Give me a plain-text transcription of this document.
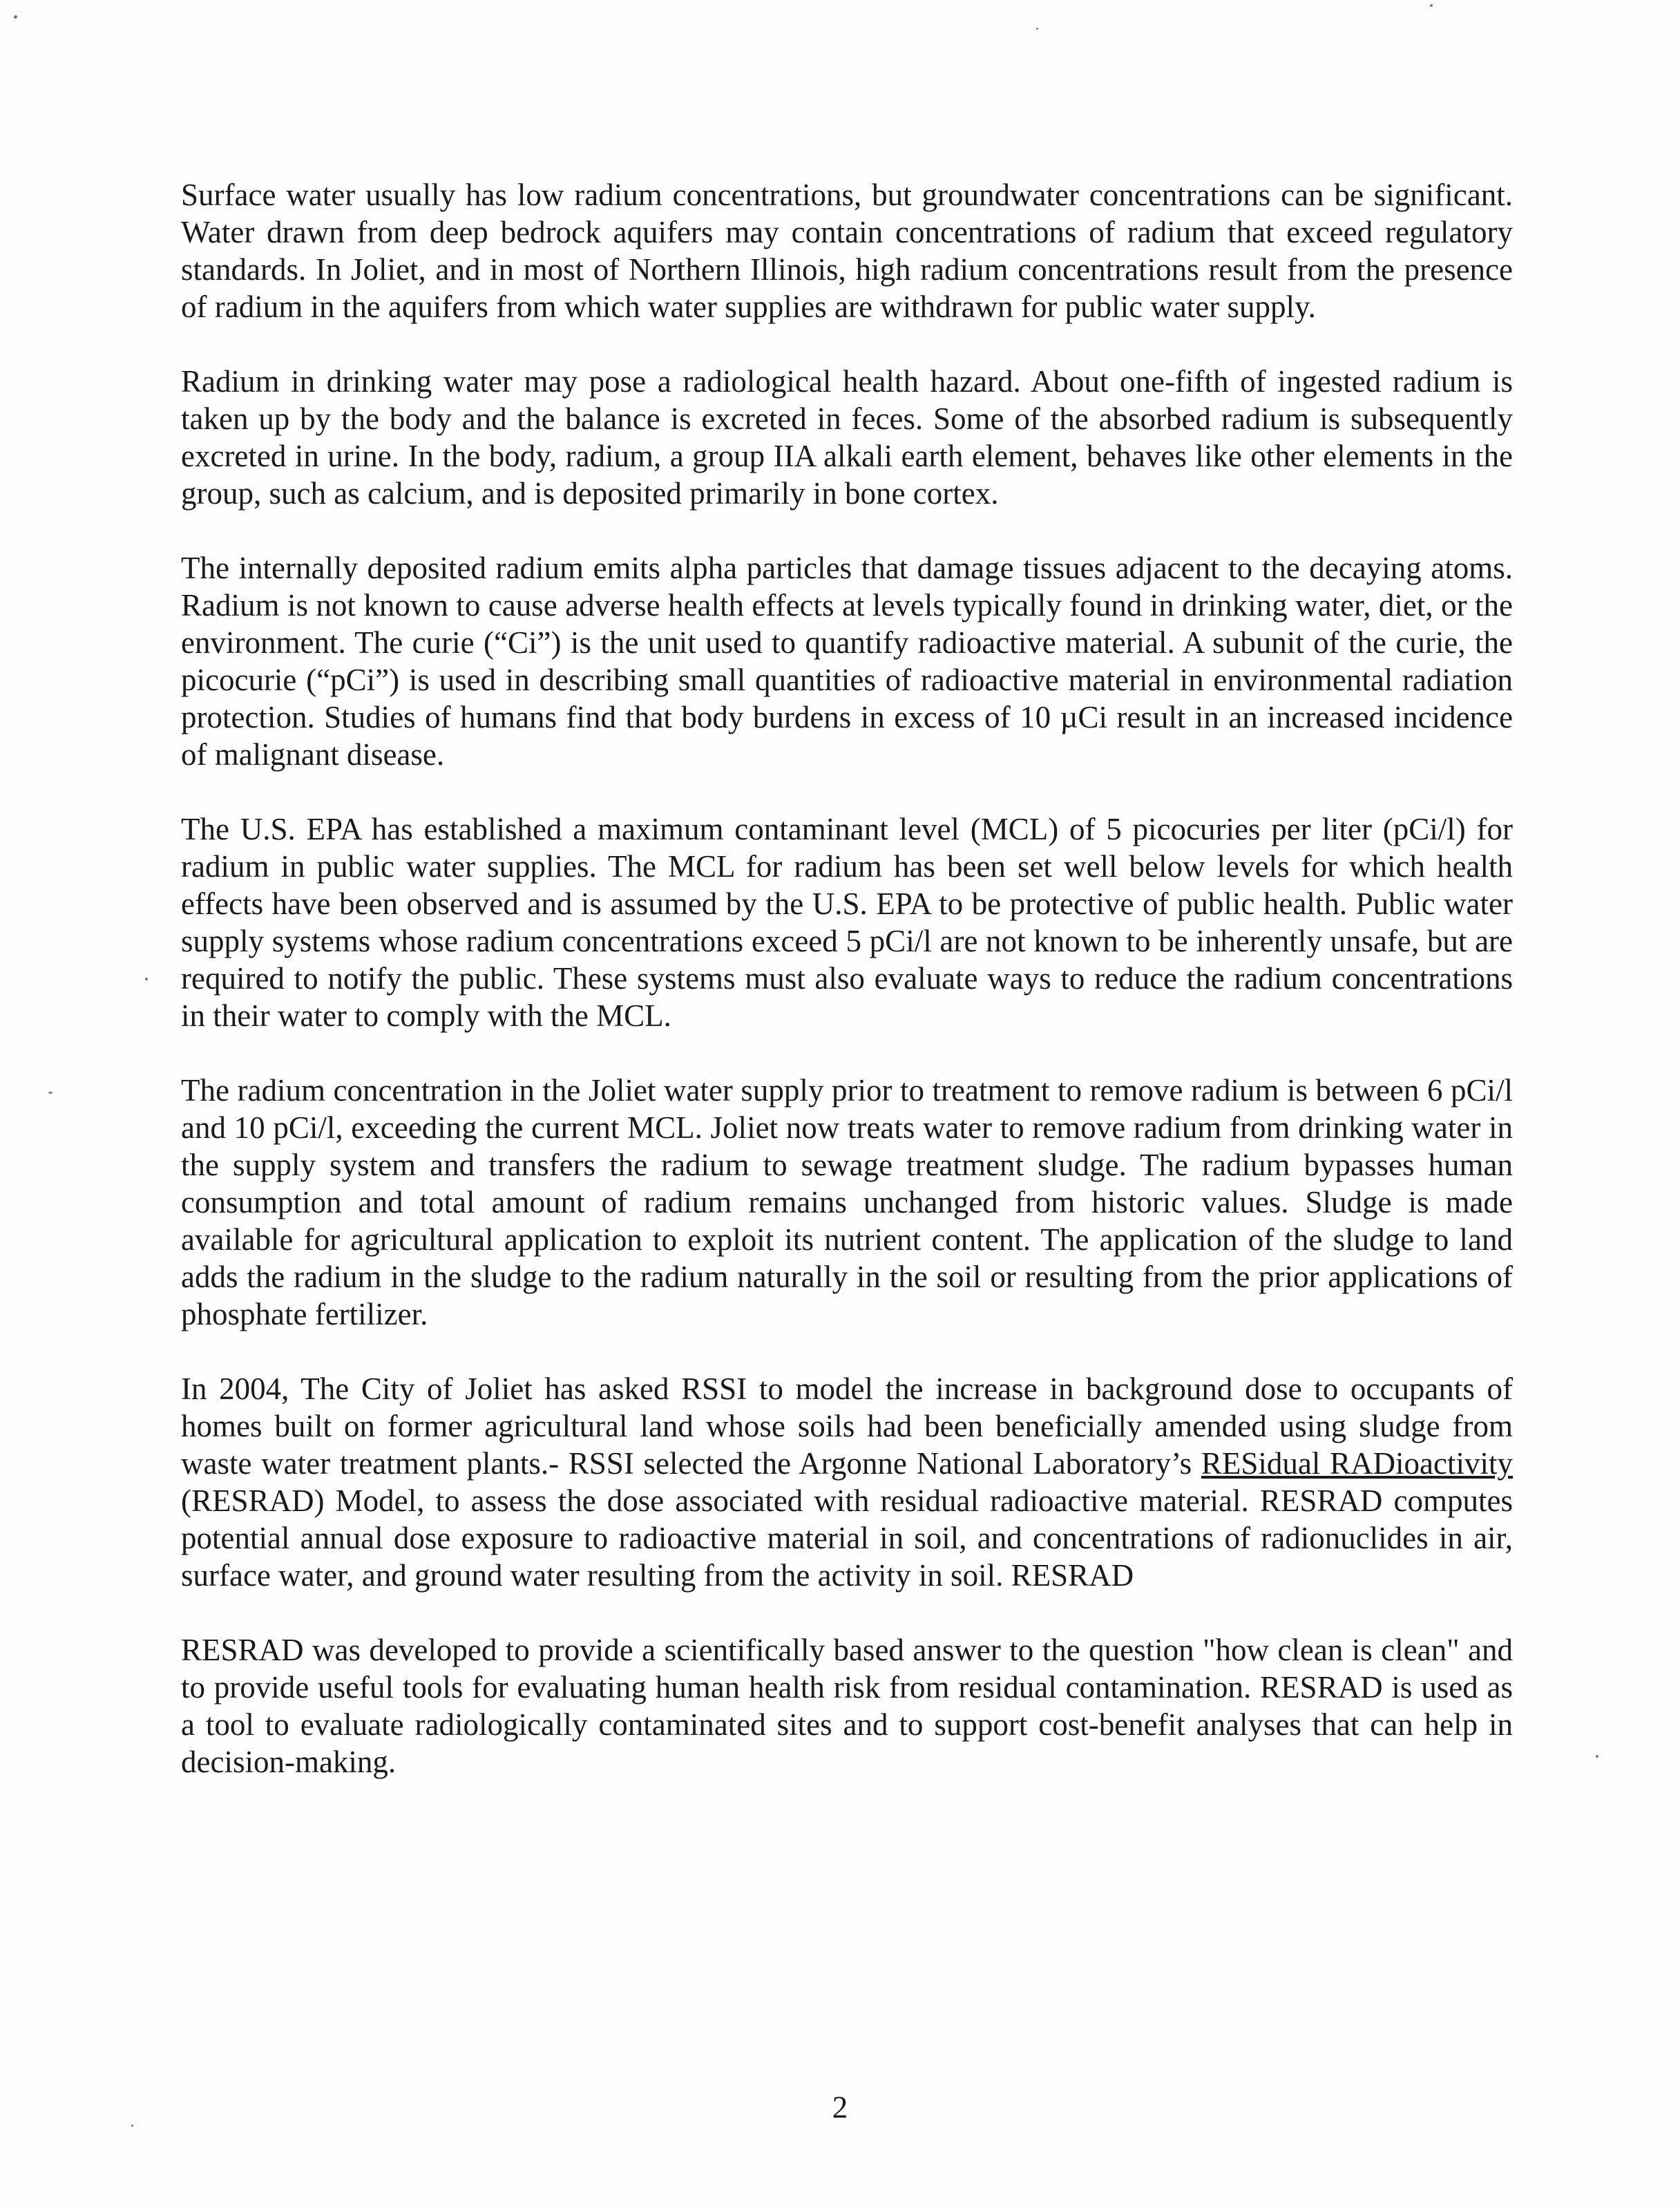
Surface water usually has low radium concentrations, but groundwater concentrations can be significant. Water drawn from deep bedrock aquifers may contain concentrations of radium that exceed regulatory standards. In Joliet, and in most of Northern Illinois, high radium concentrations result from the presence of radium in the aquifers from which water supplies are withdrawn for public water supply.

Radium in drinking water may pose a radiological health hazard. About one-fifth of ingested radium is taken up by the body and the balance is excreted in feces. Some of the absorbed radium is subsequently excreted in urine. In the body, radium, a group IIA alkali earth element, behaves like other elements in the group, such as calcium, and is deposited primarily in bone cortex.

The internally deposited radium emits alpha particles that damage tissues adjacent to the decaying atoms. Radium is not known to cause adverse health effects at levels typically found in drinking water, diet, or the environment. The curie (“Ci”) is the unit used to quantify radioactive material. A subunit of the curie, the picocurie (“pCi”) is used in describing small quantities of radioactive material in environmental radiation protection. Studies of humans find that body burdens in excess of 10 µCi result in an increased incidence of malignant disease.

The U.S. EPA has established a maximum contaminant level (MCL) of 5 picocuries per liter (pCi/l) for radium in public water supplies. The MCL for radium has been set well below levels for which health effects have been observed and is assumed by the U.S. EPA to be protective of public health. Public water supply systems whose radium concentrations exceed 5 pCi/l are not known to be inherently unsafe, but are required to notify the public. These systems must also evaluate ways to reduce the radium concentrations in their water to comply with the MCL.

The radium concentration in the Joliet water supply prior to treatment to remove radium is between 6 pCi/l and 10 pCi/l, exceeding the current MCL. Joliet now treats water to remove radium from drinking water in the supply system and transfers the radium to sewage treatment sludge. The radium bypasses human consumption and total amount of radium remains unchanged from historic values. Sludge is made available for agricultural application to exploit its nutrient content. The application of the sludge to land adds the radium in the sludge to the radium naturally in the soil or resulting from the prior applications of phosphate fertilizer.

In 2004, The City of Joliet has asked RSSI to model the increase in background dose to occupants of homes built on former agricultural land whose soils had been beneficially amended using sludge from waste water treatment plants.- RSSI selected the Argonne National Laboratory’s RESidual RADioactivity (RESRAD) Model, to assess the dose associated with residual radioactive material. RESRAD computes potential annual dose exposure to radioactive material in soil, and concentrations of radionuclides in air, surface water, and ground water resulting from the activity in soil. RESRAD

RESRAD was developed to provide a scientifically based answer to the question "how clean is clean" and to provide useful tools for evaluating human health risk from residual contamination. RESRAD is used as a tool to evaluate radiologically contaminated sites and to support cost-benefit analyses that can help in decision-making.

2
